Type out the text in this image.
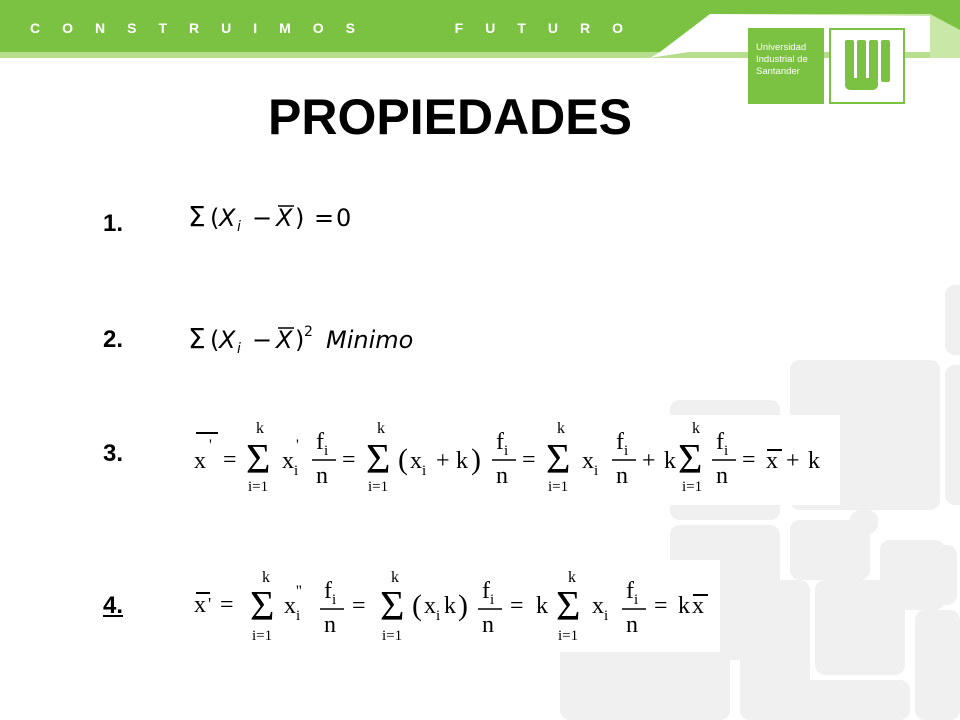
CONSTRUIMOS   FUTURO
Universidad
Industrial de
Santander
PROPIEDADES
1.
2.
3.
4.
Σ ( X i − X ) = 0
Σ ( X i − X ) 2 Minimo
x
'
=
k
Σ
i=1
x i
' f i
n
=
k
Σ
i=1
( x i + k )
f i
n
=
k
Σ
i=1
x i
f i
n
+ k
k
Σ
i=1
f i
n
= x + k
x ' =
k
Σ
i=1
x i
'' f i
n
=
k
Σ
i=1
( x i k ) f i
n
= k
k
Σ
i=1
x i
f i
n
= k x
